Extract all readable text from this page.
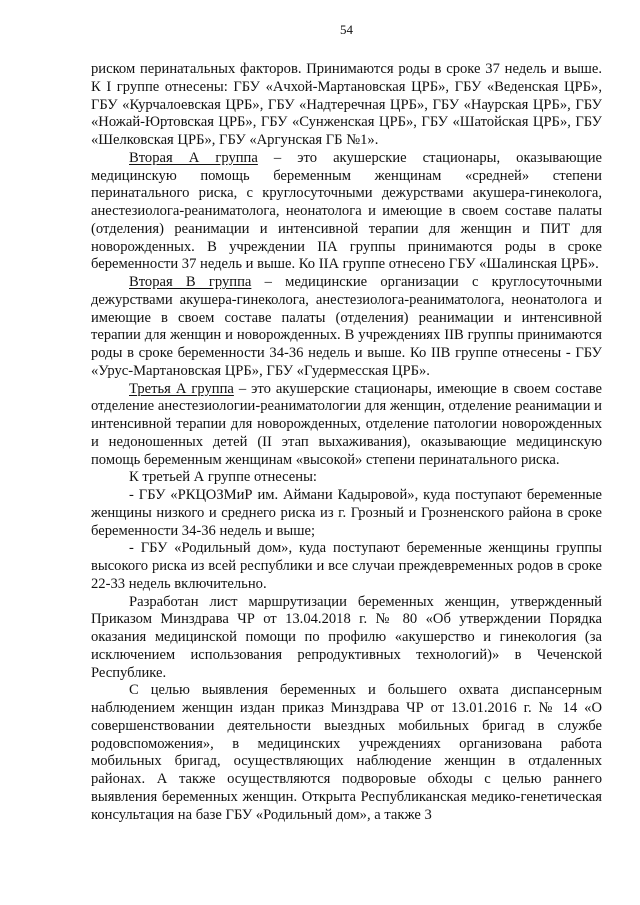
54

риском перинатальных факторов. Принимаются роды в сроке 37 недель и выше. К I группе отнесены: ГБУ «Ачхой-Мартановская ЦРБ», ГБУ «Веденская ЦРБ», ГБУ «Курчалоевская ЦРБ», ГБУ «Надтеречная ЦРБ», ГБУ «Наурская ЦРБ», ГБУ «Ножай-Юртовская ЦРБ», ГБУ «Сунженская ЦРБ», ГБУ «Шатойская ЦРБ», ГБУ «Шелковская ЦРБ», ГБУ «Аргунская ГБ №1».

Вторая А группа – это акушерские стационары, оказывающие медицинскую помощь беременным женщинам «средней» степени перинатального риска, с круглосуточными дежурствами акушера-гинеколога, анестезиолога-реаниматолога, неонатолога и имеющие в своем составе палаты (отделения) реанимации и интенсивной терапии для женщин и ПИТ для новорожденных. В учреждении IIА группы принимаются роды в сроке беременности 37 недель и выше. Ко IIА группе отнесено ГБУ «Шалинская ЦРБ».

Вторая В группа – медицинские организации с круглосуточными дежурствами акушера-гинеколога, анестезиолога-реаниматолога, неонатолога и имеющие в своем составе палаты (отделения) реанимации и интенсивной терапии для женщин и новорожденных. В учреждениях IIВ группы принимаются роды в сроке беременности 34-36 недель и выше. Ко IIВ группе отнесены - ГБУ «Урус-Мартановская ЦРБ», ГБУ «Гудермесская ЦРБ».

Третья А группа – это акушерские стационары, имеющие в своем составе отделение анестезиологии-реаниматологии для женщин, отделение реанимации и интенсивной терапии для новорожденных, отделение патологии новорожденных и недоношенных детей (II этап выхаживания), оказывающие медицинскую помощь беременным женщинам «высокой» степени перинатального риска.

К третьей А группе отнесены:

- ГБУ «РКЦОЗМиР им. Аймани Кадыровой», куда поступают беременные женщины низкого и среднего риска из г. Грозный и Грозненского района в сроке беременности 34-36 недель и выше;

- ГБУ «Родильный дом», куда поступают беременные женщины группы высокого риска из всей республики и все случаи преждевременных родов в сроке 22-33 недель включительно.

Разработан лист маршрутизации беременных женщин, утвержденный Приказом Минздрава ЧР от 13.04.2018 г. № 80 «Об утверждении Порядка оказания медицинской помощи по профилю «акушерство и гинекология (за исключением использования репродуктивных технологий)» в Чеченской Республике.

С целью выявления беременных и большего охвата диспансерным наблюдением женщин издан приказ Минздрава ЧР от 13.01.2016 г. № 14 «О совершенствовании деятельности выездных мобильных бригад в службе родовспоможения», в медицинских учреждениях организована работа мобильных бригад, осуществляющих наблюдение женщин в отдаленных районах. А также осуществляются подворовые обходы с целью раннего выявления беременных женщин. Открыта Республиканская медико-генетическая консультация на базе ГБУ «Родильный дом», а также 3
